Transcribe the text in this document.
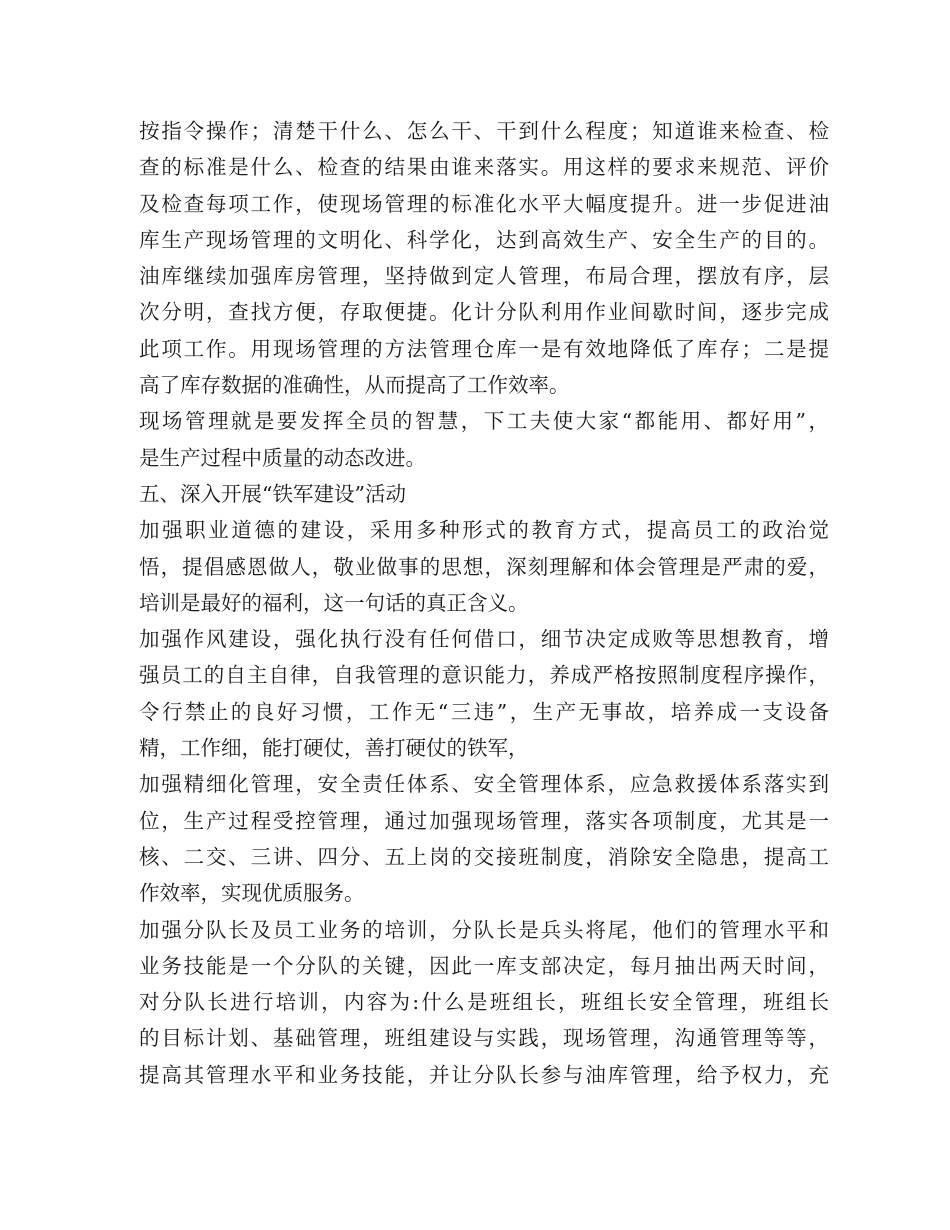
按指令操作；清楚干什么、怎么干、干到什么程度；知道谁来检查、检
查的标准是什么、检查的结果由谁来落实。用这样的要求来规范、评价
及检查每项工作，使现场管理的标准化水平大幅度提升。进一步促进油
库生产现场管理的文明化、科学化，达到高效生产、安全生产的目的。
油库继续加强库房管理，坚持做到定人管理，布局合理，摆放有序，层
次分明，查找方便，存取便捷。化计分队利用作业间歇时间，逐步完成
此项工作。用现场管理的方法管理仓库一是有效地降低了库存；二是提
高了库存数据的准确性，从而提高了工作效率。
现场管理就是要发挥全员的智慧，下工夫使大家“都能用、都好用”，
是生产过程中质量的动态改进。
五、深入开展“铁军建设”活动
加强职业道德的建设，采用多种形式的教育方式，提高员工的政治觉
悟，提倡感恩做人，敬业做事的思想，深刻理解和体会管理是严肃的爱，
培训是最好的福利，这一句话的真正含义。
加强作风建设，强化执行没有任何借口，细节决定成败等思想教育，增
强员工的自主自律，自我管理的意识能力，养成严格按照制度程序操作，
令行禁止的良好习惯，工作无“三违”，生产无事故，培养成一支设备
精，工作细，能打硬仗，善打硬仗的铁军，
加强精细化管理，安全责任体系、安全管理体系，应急救援体系落实到
位，生产过程受控管理，通过加强现场管理，落实各项制度，尤其是一
核、二交、三讲、四分、五上岗的交接班制度，消除安全隐患，提高工
作效率，实现优质服务。
加强分队长及员工业务的培训，分队长是兵头将尾，他们的管理水平和
业务技能是一个分队的关键，因此一库支部决定，每月抽出两天时间，
对分队长进行培训，内容为:什么是班组长，班组长安全管理，班组长
的目标计划、基础管理，班组建设与实践，现场管理，沟通管理等等，
提高其管理水平和业务技能，并让分队长参与油库管理，给予权力，充
